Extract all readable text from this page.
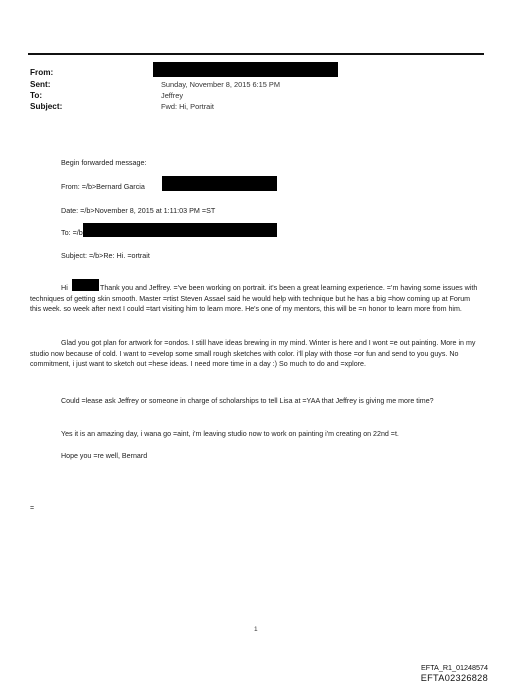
From:
Sent:	Sunday, November 8, 2015 6:15 PM
To:	Jeffrey
Subject:	Fwd: Hi, Portrait
Begin forwarded message:
From: =/b>Bernard Garcia
Date: =/b>November 8, 2015 at 1:11:03 PM =ST
To: =/b
Subject: =/b>Re: Hi. =ortrait
Hi	Thank you and Jeffrey. =’ve been working on portrait. it's been a great learning experience. =’m having some issues with techniques of getting skin smooth. Master =rtist Steven Assael said he would help with technique but he has a big =how coming up at Forum this week. so week after next I could =tart visiting him to learn more. He's one of my mentors, this will be =n honor to learn more from him.
Glad you got plan for artwork for =ondos. I still have ideas brewing in my mind. Winter is here and I wont =e out painting. More in my studio now because of cold. I want to =evelop some small rough sketches with color. i'll play with those =or fun and send to you guys. No commitment, i just want to sketch out =hese ideas. I need more time in a day :) So much to do and =xplore.
Could =lease ask Jeffrey or someone in charge of scholarships to tell Lisa at =YAA that Jeffrey is giving me more time?
Yes it is an amazing day, i wana go =aint, i'm leaving studio now to work on painting i'm creating on 22nd =t.
Hope you =re well, Bernard
=
1
EFTA_R1_01248574
EFTA02326828
